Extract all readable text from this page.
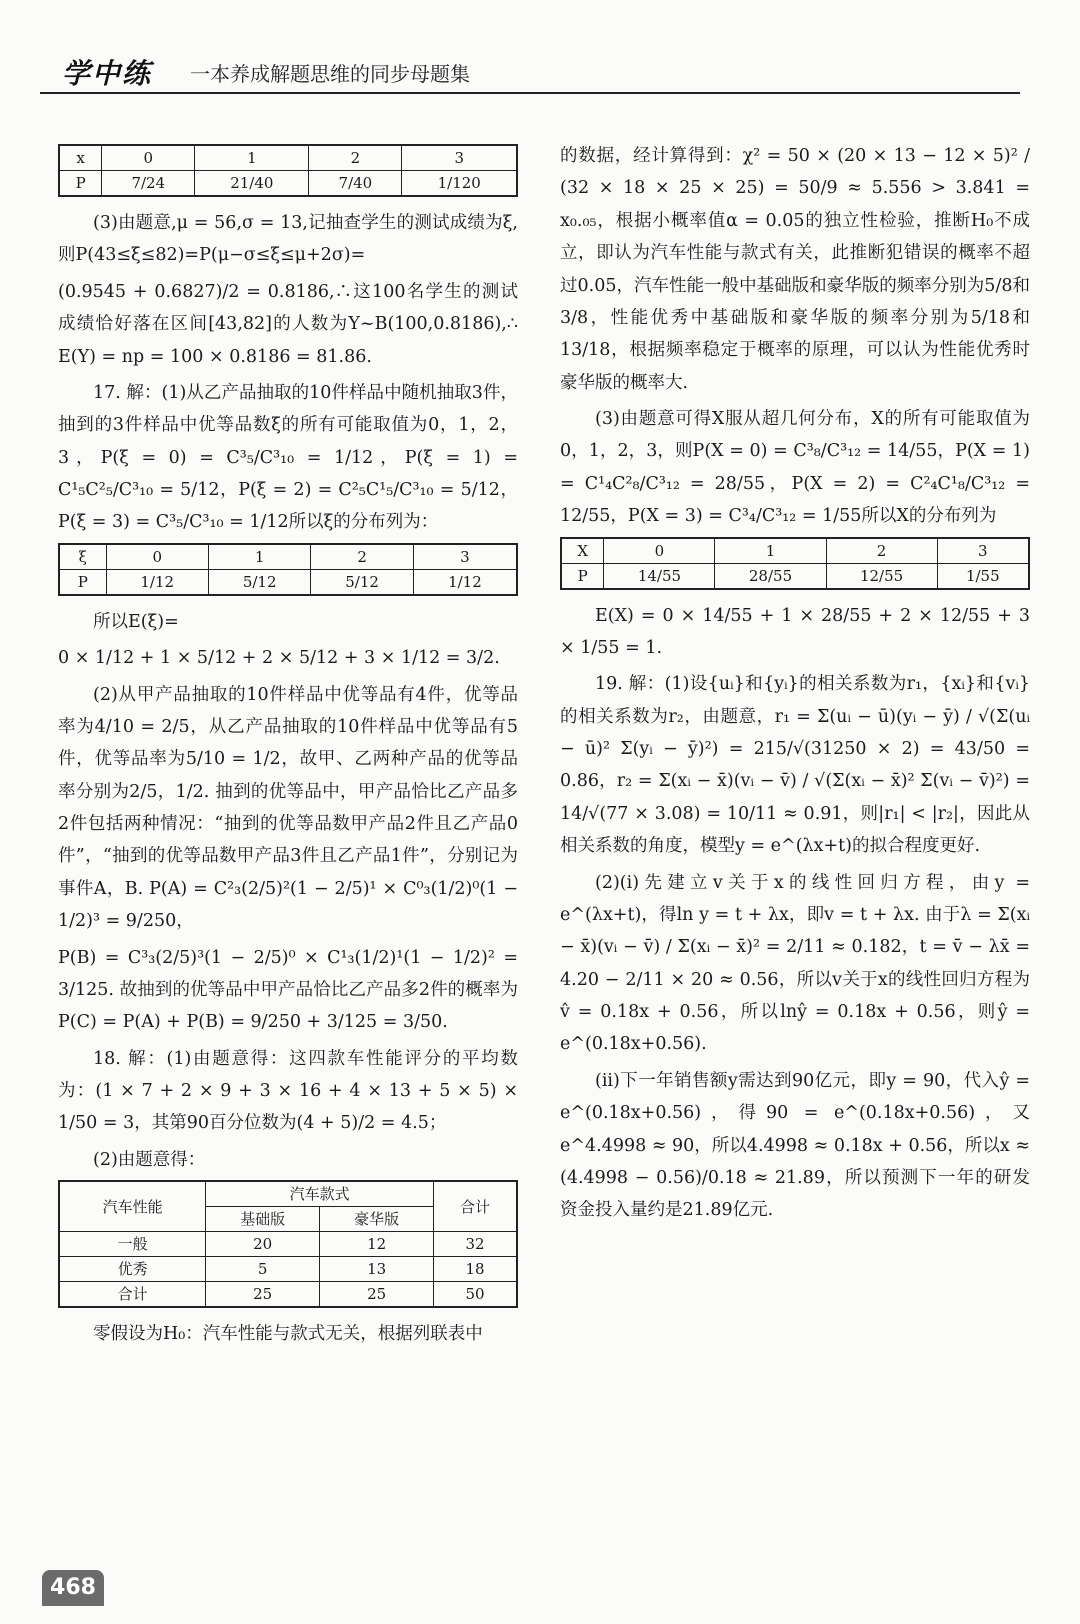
学中练 一本养成解题思维的同步母题集
x	0	1	2	3
P	7/24	21/40	7/40	1/120

(3)由题意,μ = 56,σ = 13,记抽查学生的测试成绩为ξ,则P(43≤ξ≤82)=P(μ−σ≤ξ≤μ+2σ)=

(0.9545 + 0.6827)/2 = 0.8186,∴这100名学生的测试成绩恰好落在区间[43,82]的人数为Y~B(100,0.8186),∴ E(Y) = np = 100 × 0.8186 = 81.86.

17. 解：(1)从乙产品抽取的10件样品中随机抽取3件，抽到的3件样品中优等品数ξ的所有可能取值为0，1，2，3，P(ξ = 0) = C³₅/C³₁₀ = 1/12，P(ξ = 1) = C¹₅C²₅/C³₁₀ = 5/12，P(ξ = 2) = C²₅C¹₅/C³₁₀ = 5/12，P(ξ = 3) = C³₅/C³₁₀ = 1/12所以ξ的分布列为：

ξ	0	1	2	3
P	1/12	5/12	5/12	1/12

所以E(ξ)=

0 × 1/12 + 1 × 5/12 + 2 × 5/12 + 3 × 1/12 = 3/2.

(2)从甲产品抽取的10件样品中优等品有4件，优等品率为4/10 = 2/5，从乙产品抽取的10件样品中优等品有5件，优等品率为5/10 = 1/2，故甲、乙两种产品的优等品率分别为2/5，1/2. 抽到的优等品中，甲产品恰比乙产品多2件包括两种情况：“抽到的优等品数甲产品2件且乙产品0件”，“抽到的优等品数甲产品3件且乙产品1件”，分别记为事件A，B. P(A) = C²₃(2/5)²(1 − 2/5)¹ × C⁰₃(1/2)⁰(1 − 1/2)³ = 9/250，

P(B) = C³₃(2/5)³(1 − 2/5)⁰ × C¹₃(1/2)¹(1 − 1/2)² = 3/125. 故抽到的优等品中甲产品恰比乙产品多2件的概率为P(C) = P(A) + P(B) = 9/250 + 3/125 = 3/50.

18. 解：(1)由题意得：这四款车性能评分的平均数为：(1 × 7 + 2 × 9 + 3 × 16 + 4 × 13 + 5 × 5) × 1/50 = 3，其第90百分位数为(4 + 5)/2 = 4.5；

(2)由题意得：

汽车性能	汽车款式		合计
	基础版	豪华版	
一般	20	12	32
优秀	5	13	18
合计	25	25	50

零假设为H₀：汽车性能与款式无关，根据列联表中

的数据，经计算得到：χ² = 50 × (20 × 13 − 12 × 5)² / (32 × 18 × 25 × 25) = 50/9 ≈ 5.556 > 3.841 = x₀.₀₅，根据小概率值α = 0.05的独立性检验，推断H₀不成立，即认为汽车性能与款式有关，此推断犯错误的概率不超过0.05，汽车性能一般中基础版和豪华版的频率分别为5/8和3/8，性能优秀中基础版和豪华版的频率分别为5/18和13/18，根据频率稳定于概率的原理，可以认为性能优秀时豪华版的概率大.

(3)由题意可得X服从超几何分布，X的所有可能取值为0，1，2，3，则P(X = 0) = C³₈/C³₁₂ = 14/55，P(X = 1) = C¹₄C²₈/C³₁₂ = 28/55，P(X = 2) = C²₄C¹₈/C³₁₂ = 12/55，P(X = 3) = C³₄/C³₁₂ = 1/55所以X的分布列为

X	0	1	2	3
P	14/55	28/55	12/55	1/55

E(X) = 0 × 14/55 + 1 × 28/55 + 2 × 12/55 + 3 × 1/55 = 1.

19. 解：(1)设{uᵢ}和{yᵢ}的相关系数为r₁，{xᵢ}和{vᵢ}的相关系数为r₂，由题意，r₁ = Σ(uᵢ − ū)(yᵢ − ȳ) / √(Σ(uᵢ − ū)² Σ(yᵢ − ȳ)²) = 215/√(31250 × 2) = 43/50 = 0.86，r₂ = Σ(xᵢ − x̄)(vᵢ − v̄) / √(Σ(xᵢ − x̄)² Σ(vᵢ − v̄)²) = 14/√(77 × 3.08) = 10/11 ≈ 0.91，则|r₁| < |r₂|，因此从相关系数的角度，模型y = e^(λx+t)的拟合程度更好.

(2)(i)先建立v关于x的线性回归方程，由y = e^(λx+t)，得ln y = t + λx，即v = t + λx. 由于λ = Σ(xᵢ − x̄)(vᵢ − v̄) / Σ(xᵢ − x̄)² = 2/11 ≈ 0.182，t = v̄ − λx̄ = 4.20 − 2/11 × 20 ≈ 0.56，所以v关于x的线性回归方程为v̂ = 0.18x + 0.56，所以lnŷ = 0.18x + 0.56，则ŷ = e^(0.18x+0.56).

(ii)下一年销售额y需达到90亿元，即y = 90，代入ŷ = e^(0.18x+0.56)，得90 = e^(0.18x+0.56)，又e^4.4998 ≈ 90，所以4.4998 ≈ 0.18x + 0.56，所以x ≈ (4.4998 − 0.56)/0.18 ≈ 21.89，所以预测下一年的研发资金投入量约是21.89亿元.

468
